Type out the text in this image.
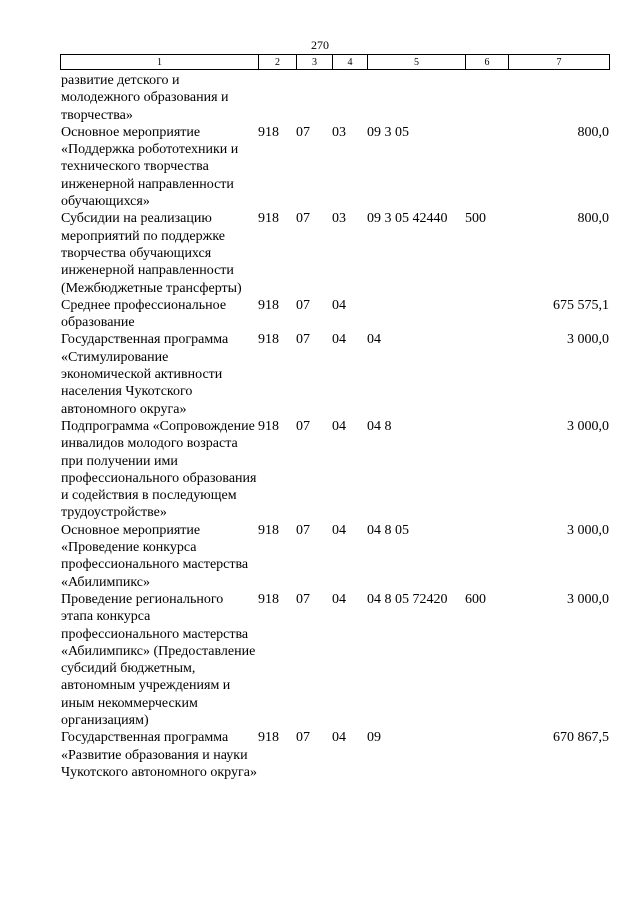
270
1	2	3	4	5	6	7
развитие детского и молодежного образования и творчества»						
Основное мероприятие «Поддержка робототехники и технического творчества инженерной направленности обучающихся»	918	07	03	09 3 05		800,0
Субсидии на реализацию мероприятий по поддержке творчества обучающихся инженерной направленности (Межбюджетные трансферты)	918	07	03	09 3 05 42440	500	800,0
Среднее профессиональное образование	918	07	04			675 575,1
Государственная программа «Стимулирование экономической активности населения Чукотского автономного округа»	918	07	04	04		3 000,0
Подпрограмма «Сопровождение инвалидов молодого возраста при получении ими профессионального образования и содействия в последующем трудоустройстве»	918	07	04	04 8		3 000,0
Основное мероприятие «Проведение конкурса профессионального мастерства «Абилимпикс»	918	07	04	04 8 05		3 000,0
Проведение регионального этапа конкурса профессионального мастерства «Абилимпикс» (Предоставление субсидий бюджетным, автономным учреждениям и иным некоммерческим организациям)	918	07	04	04 8 05 72420	600	3 000,0
Государственная программа «Развитие образования и науки Чукотского автономного округа»	918	07	04	09		670 867,5
